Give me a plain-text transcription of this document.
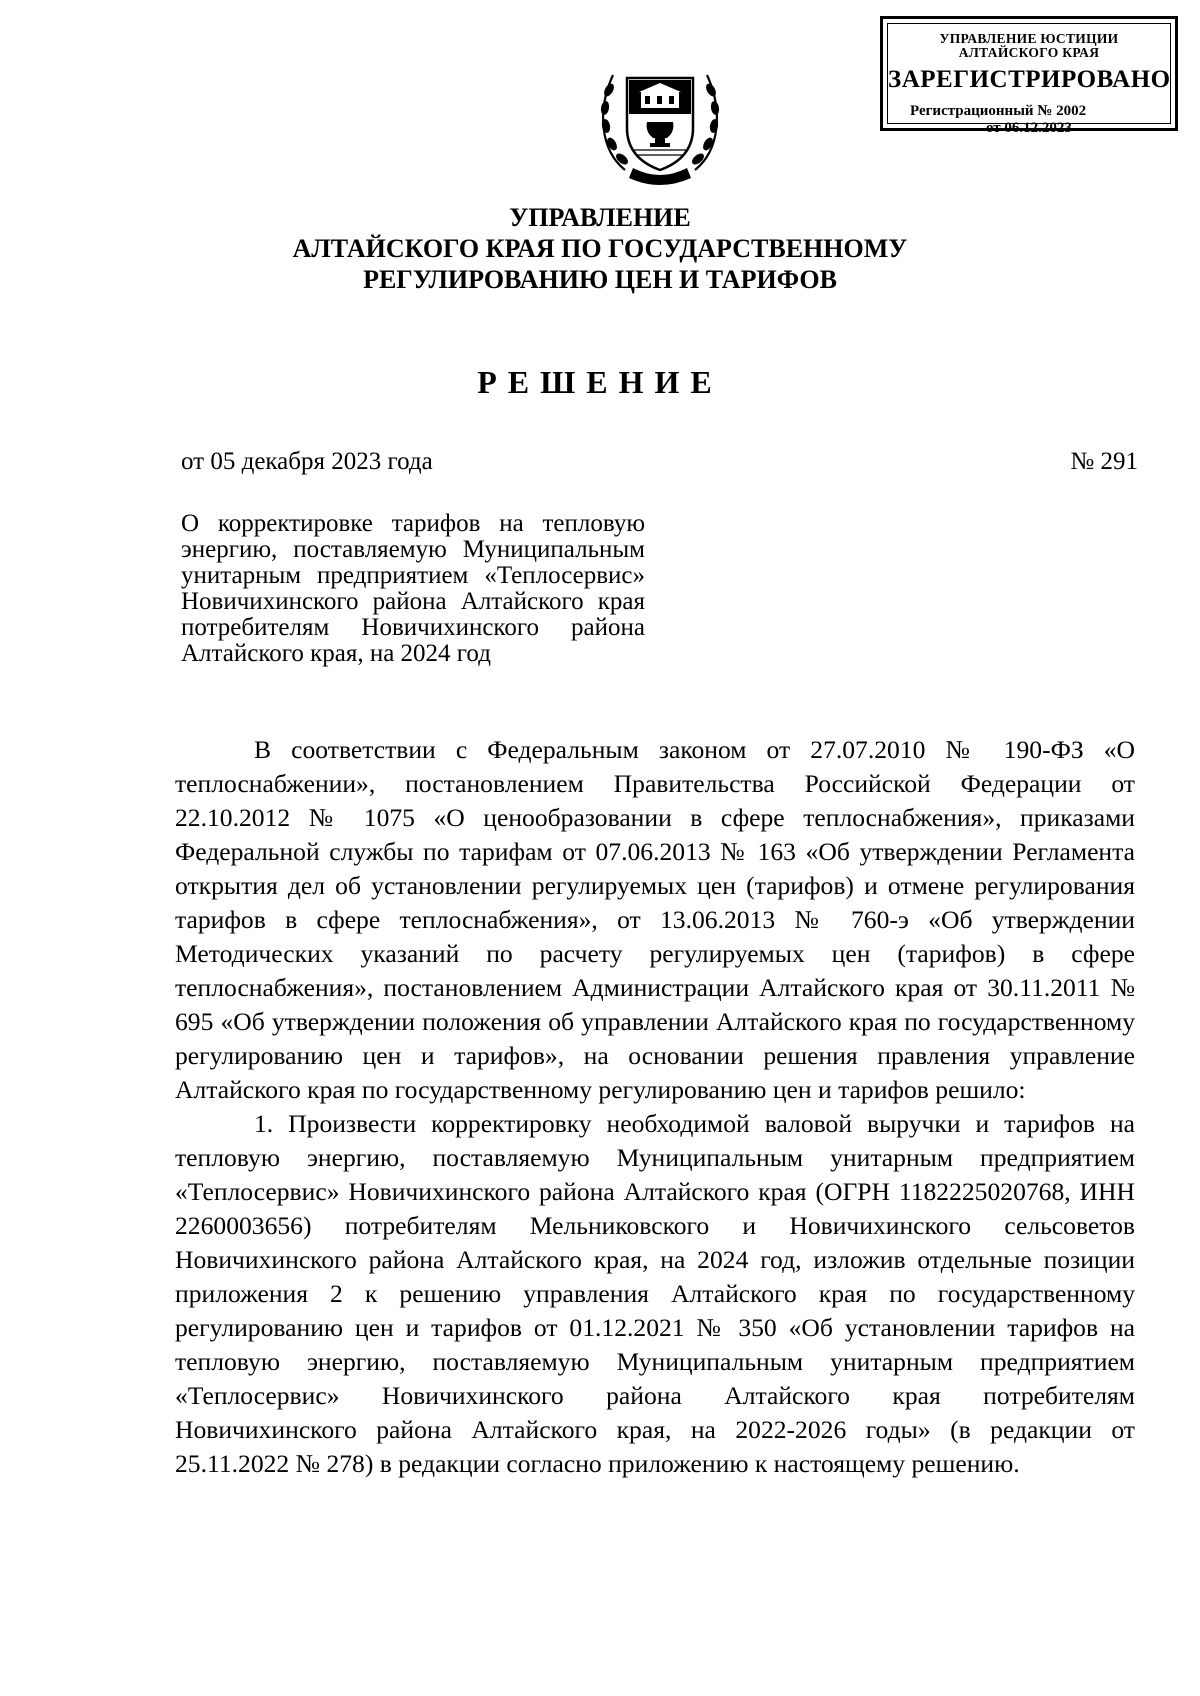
УПРАВЛЕНИЕ ЮСТИЦИИ
АЛТАЙСКОГО КРАЯ
ЗАРЕГИСТРИРОВАНО
Регистрационный № 2002
от 06.12.2023
УПРАВЛЕНИЕ
АЛТАЙСКОГО КРАЯ ПО ГОСУДАРСТВЕННОМУ
РЕГУЛИРОВАНИЮ ЦЕН И ТАРИФОВ
РЕШЕНИЕ
от 05 декабря 2023 года	№ 291
О корректировке тарифов на тепловую энергию, поставляемую Муниципальным унитарным предприятием «Теплосервис» Новичихинского района Алтайского края потребителям Новичихинского района Алтайского края, на 2024 год

В соответствии с Федеральным законом от 27.07.2010 № 190-ФЗ «О теплоснабжении», постановлением Правительства Российской Федерации от 22.10.2012 № 1075 «О ценообразовании в сфере теплоснабжения», приказами Федеральной службы по тарифам от 07.06.2013 № 163 «Об утверждении Регламента открытия дел об установлении регулируемых цен (тарифов) и отмене регулирования тарифов в сфере теплоснабжения», от 13.06.2013 № 760-э «Об утверждении Методических указаний по расчету регулируемых цен (тарифов) в сфере теплоснабжения», постановлением Администрации Алтайского края от 30.11.2011 № 695 «Об утверждении положения об управлении Алтайского края по государственному регулированию цен и тарифов», на основании решения правления управление Алтайского края по государственному регулированию цен и тарифов решило:

1. Произвести корректировку необходимой валовой выручки и тарифов на тепловую энергию, поставляемую Муниципальным унитарным предприятием «Теплосервис» Новичихинского района Алтайского края (ОГРН 1182225020768, ИНН 2260003656) потребителям Мельниковского и Новичихинского сельсоветов Новичихинского района Алтайского края, на 2024 год, изложив отдельные позиции приложения 2 к решению управления Алтайского края по государственному регулированию цен и тарифов от 01.12.2021 № 350 «Об установлении тарифов на тепловую энергию, поставляемую Муниципальным унитарным предприятием «Теплосервис» Новичихинского района Алтайского края потребителям Новичихинского района Алтайского края, на 2022-2026 годы» (в редакции от 25.11.2022 № 278) в редакции согласно приложению к настоящему решению.
